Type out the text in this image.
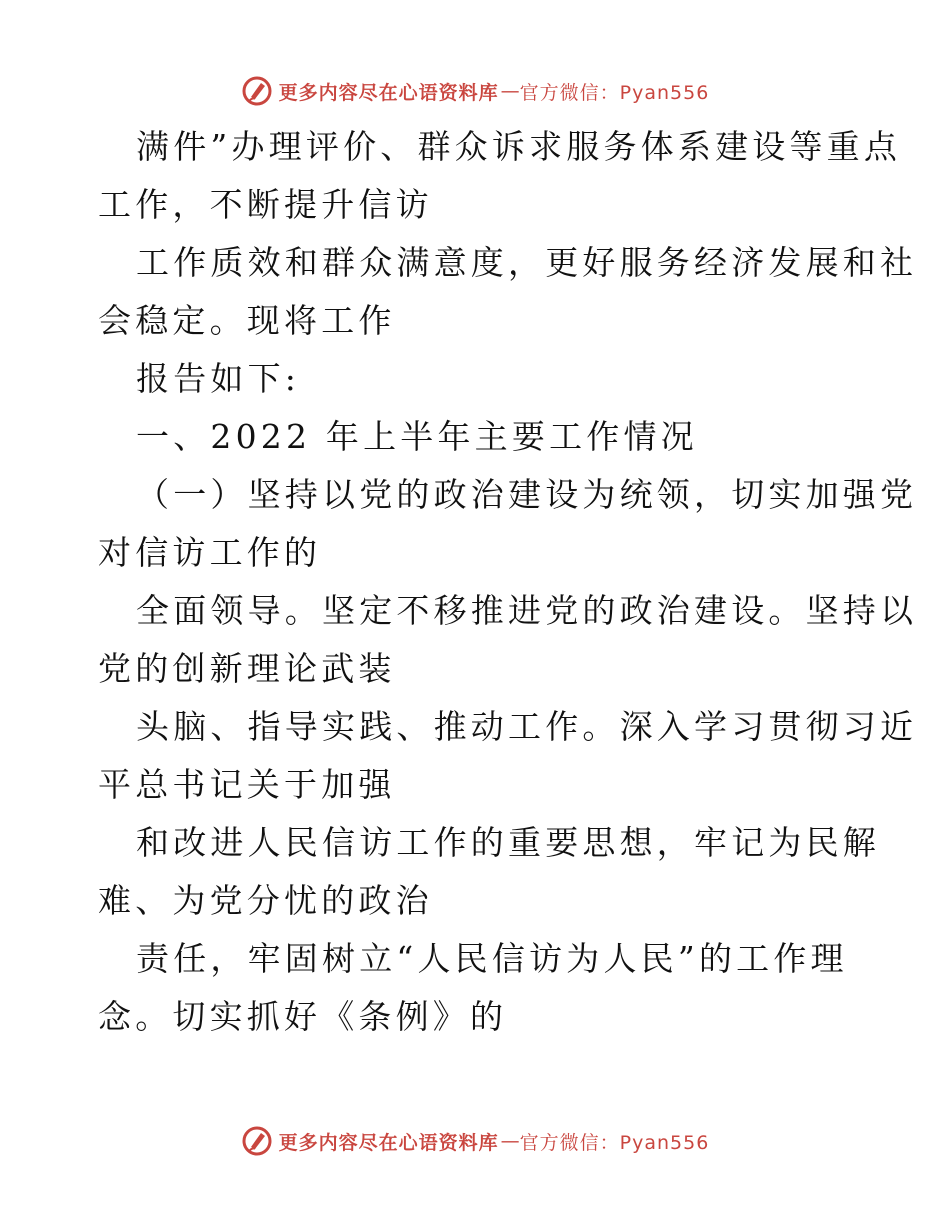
更多内容尽在心语资料库 — 官方微信：Pyan556
满件”办理评价、群众诉求服务体系建设等重点
工作，不断提升信访
工作质效和群众满意度，更好服务经济发展和社
会稳定。现将工作
报告如下:
一、2022 年上半年主要工作情况
（一）坚持以党的政治建设为统领，切实加强党
对信访工作的
全面领导。坚定不移推进党的政治建设。坚持以
党的创新理论武装
头脑、指导实践、推动工作。深入学习贯彻习近
平总书记关于加强
和改进人民信访工作的重要思想，牢记为民解
难、为党分忧的政治
责任，牢固树立“人民信访为人民”的工作理
念。切实抓好《条例》的
更多内容尽在心语资料库 — 官方微信：Pyan556
